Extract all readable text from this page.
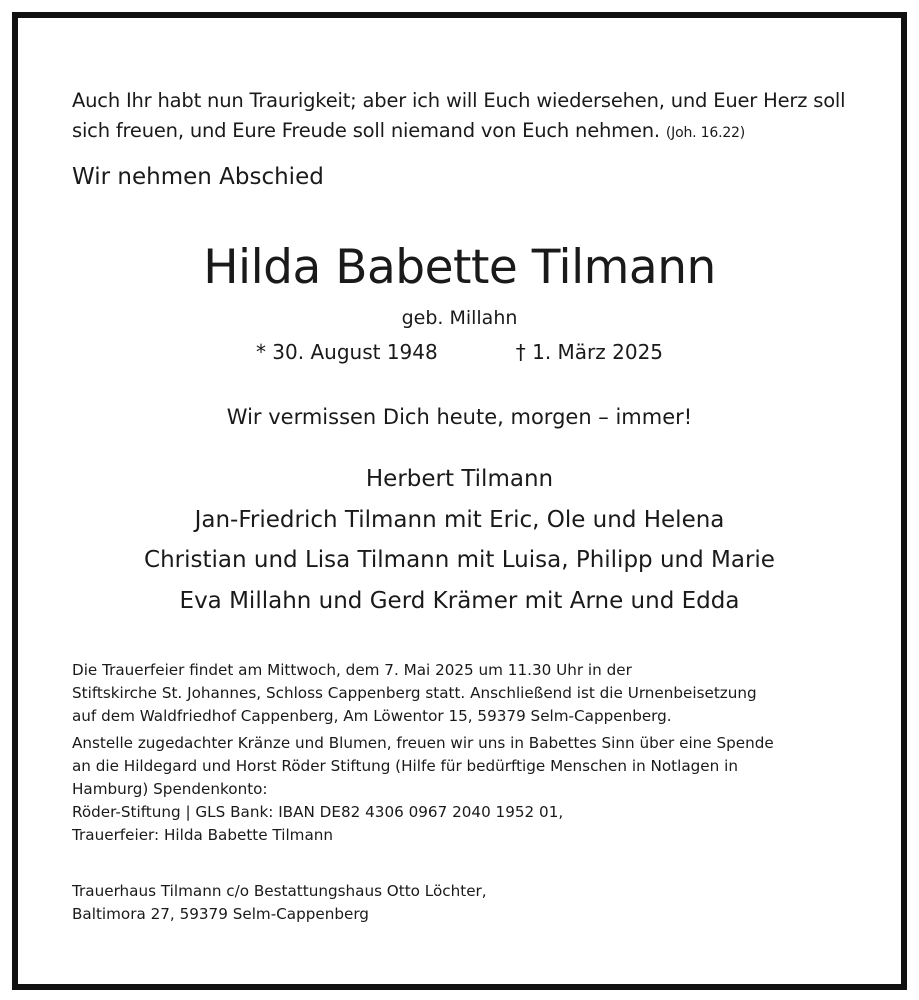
Auch Ihr habt nun Traurigkeit; aber ich will Euch wiedersehen, und Euer Herz soll
sich freuen, und Eure Freude soll niemand von Euch nehmen. (Joh. 16.22)
Wir nehmen Abschied
Hilda Babette Tilmann
geb. Millahn
* 30. August 1948	† 1. März 2025
Wir vermissen Dich heute, morgen – immer!
Herbert Tilmann
Jan-Friedrich Tilmann mit Eric, Ole und Helena
Christian und Lisa Tilmann mit Luisa, Philipp und Marie
Eva Millahn und Gerd Krämer mit Arne und Edda

Die Trauerfeier findet am Mittwoch, dem 7. Mai 2025 um 11.30 Uhr in der
Stiftskirche St. Johannes, Schloss Cappenberg statt. Anschließend ist die Urnenbeisetzung
auf dem Waldfriedhof Cappenberg, Am Löwentor 15, 59379 Selm-Cappenberg.

Anstelle zugedachter Kränze und Blumen, freuen wir uns in Babettes Sinn über eine Spende
an die Hildegard und Horst Röder Stiftung (Hilfe für bedürftige Menschen in Notlagen in
Hamburg) Spendenkonto:
Röder-Stiftung | GLS Bank: IBAN DE82 4306 0967 2040 1952 01,
Trauerfeier: Hilda Babette Tilmann

Trauerhaus Tilmann c/o Bestattungshaus Otto Löchter,
Baltimora 27, 59379 Selm-Cappenberg
